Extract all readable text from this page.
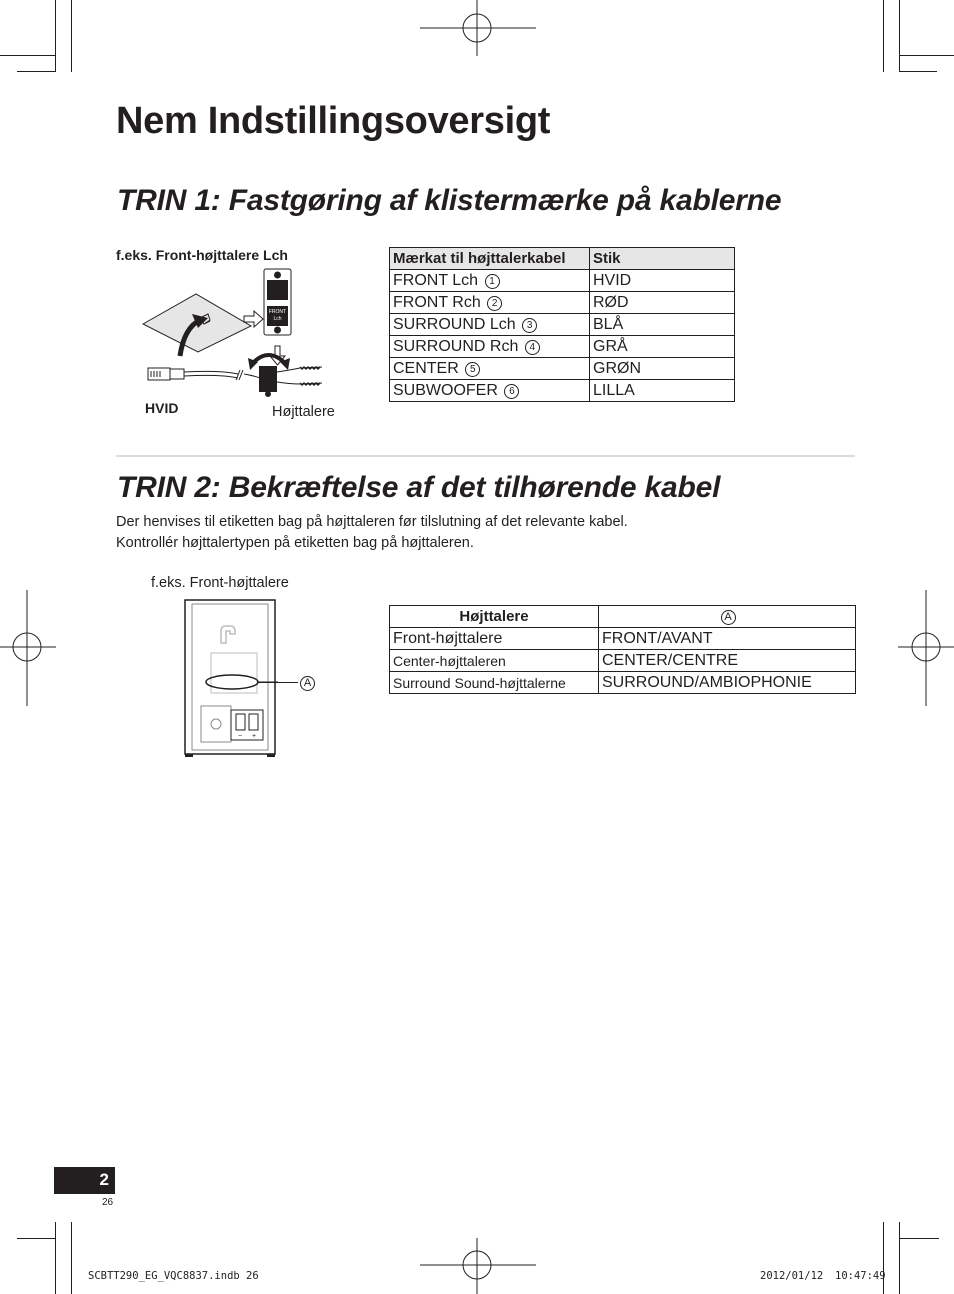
Nem Indstillingsoversigt
TRIN 1: Fastgøring af klistermærke på kablerne
f.eks. Front-højttalere Lch
FRONT
Lch
HVID	Højttalere
Mærkat til højttalerkabel	Stik
FRONT Lch 1	HVID
FRONT Rch 2	RØD
SURROUND Lch 3	BLÅ
SURROUND Rch 4	GRÅ
CENTER 5	GRØN
SUBWOOFER 6	LILLA
TRIN 2: Bekræftelse af det tilhørende kabel
Der henvises til etiketten bag på højttaleren før tilslutning af det relevante kabel.
Kontrollér højttalertypen på etiketten bag på højttaleren.
f.eks. Front-højttalere
− +
A
Højttalere	A
Front-højttalere	FRONT/AVANT
Center-højttaleren	CENTER/CENTRE
Surround Sound-højttalerne	SURROUND/AMBIOPHONIE
2
26
SCBTT290_EG_VQC8837.indb 26	2012/01/12 10:47:49
